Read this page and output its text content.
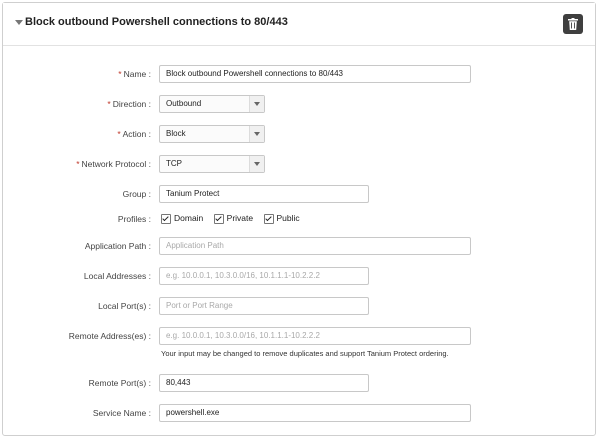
Block outbound Powershell connections to 80/443
* Name :	Block outbound Powershell connections to 80/443
* Direction :	Outbound
* Action :	Block
* Network Protocol :	TCP
Group :	Tanium Protect
Profiles :	Domain	Private	Public
Application Path :	Application Path
Local Addresses :	e.g. 10.0.0.1, 10.3.0.0/16, 10.1.1.1-10.2.2.2
Local Port(s) :	Port or Port Range
Remote Address(es) :	e.g. 10.0.0.1, 10.3.0.0/16, 10.1.1.1-10.2.2.2
Your input may be changed to remove duplicates and support Tanium Protect ordering.
Remote Port(s) :	80,443
Service Name :	powershell.exe
